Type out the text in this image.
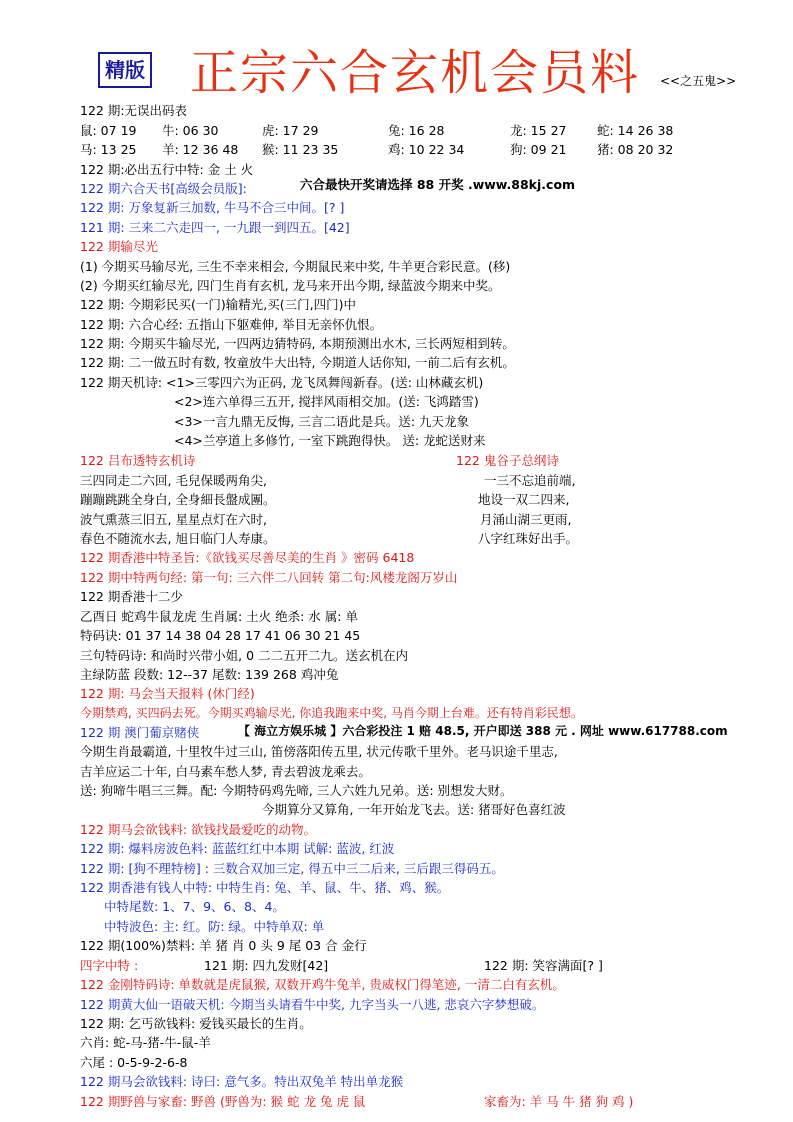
精版 正宗六合玄机会员料 <<之五鬼>>
122 期:无误出码表
鼠: 07 19 牛: 06 30	虎: 17 29	兔: 16 28	龙: 15 27 蛇: 14 26 38
马: 13 25 羊: 12 36 48 猴: 11 23 35	鸡: 10 22 34	狗: 09 21 猪: 08 20 32
122 期:必出五行中特: 金 土 火
122 期六合天书[高级会员版]:	六合最快开奖请选择 88 开奖 .www.88kj.com
122 期: 万象复新三加数, 牛马不合三中间。[? ]
121 期: 三来二六走四一, 一九跟一到四五。[42]
122 期输尽光
(1) 今期买马输尽光, 三生不幸来相会, 今期鼠民来中奖, 牛羊更合彩民意。(移)
(2) 今期买红输尽光, 四门生肖有玄机, 龙马来开出今期, 绿蓝波今期来中奖。
122 期: 今期彩民买(一门)输精光,买(三门,四门)中
122 期: 六合心经: 五指山下躯难伸, 举目无亲怀仇恨。
122 期: 今期买牛输尽光, 一四两边猜特码, 本期预测出水木, 三长两短相到转。
122 期: 二一做五时有数, 牧童放牛大出特, 今期道人话你知, 一前二后有玄机。
122 期天机诗: <1>三零四六为正码, 龙飞凤舞闯新春。(送: 山林藏玄机)
<2>连六单得三五开, 搅拌风雨相交加。(送: 飞鸿踏雪)
<3>一言九鼎无反悔, 三言二语此是兵。送: 九天龙象
<4>兰亭道上多修竹, 一室下跳跑得快。 送: 龙蛇送财来
122 吕布透特玄机诗	122 鬼谷子总纲诗
三四同走二六回, 毛兒保暖两角尖,	一三不忘追前端,
蹦蹦跳跳全身白, 全身細長盤成團。	地设一双二四来,
波气熏蒸三旧五, 星星点灯在六时,	月涌山湖三更雨,
春色不随流水去, 旭日临门人寿康。	八字红珠好出手。
122 期香港中特圣旨:《欲钱买尽善尽美的生肖 》密码 6418
122 期中特两句经: 第一句: 三六伴二八回转 第二句:风楼龙阁万岁山
122 期香港十二少
乙酉日 蛇鸡牛鼠龙虎 生肖属: 土火 绝杀: 水 属: 单
特码诀: 01 37 14 38 04 28 17 41 06 30 21 45
三句特码诗: 和尚时兴带小姐, 0 二二五开二九。送玄机在内
主绿防蓝 段数: 12--37 尾数: 139 268 鸡冲兔
122 期: 马会当天报料 (休门经)
今期禁鸡, 买四码去死。今期买鸡输尽光, 你追我跑来中奖, 马肖今期上台难。还有特肖彩民想。
122 期 澳门葡京赌侠	【 海立方娱乐城 】六合彩投注 1 赔 48.5, 开户即送 388 元 . 网址 www.617788.com
今期生肖最霸道, 十里牧牛过三山, 笛傍落阳传五里, 状元传歌千里外。老马识途千里志,
吉羊应运二十年, 白马素车愁人梦, 青去碧波龙乘去。
送: 狗啼牛唱三三舞。配: 今期特码鸡先啼, 三人六姓九兄弟。送: 别想发大财。
今期算分又算角, 一年开始龙飞去。送: 猪哥好色喜红波
122 期马会欲钱料: 欲钱找最爱吃的动物。
122 期: 爆料房波色料: 蓝蓝红红中本期 试解: 蓝波, 红波
122 期: [狗不理特榜] : 三数合双加三定, 得五中三二后来, 三后跟三得码五。
122 期香港有钱人中特: 中特生肖: 兔、羊、鼠、牛、猪、鸡、猴。
中特尾数: 1、7、9、6、8、4。
中特波色: 主: 红。防: 绿。中特单双: 单
122 期(100%)禁料: 羊 猪 肖 0 头 9 尾 03 合 金行
四字中特 :	121 期: 四九发财[42]	122 期: 笑容满面[? ]
122 金刚特码诗: 单数就是虎鼠猴, 双数开鸡牛兔羊, 贵威权门得笔迹, 一清二白有玄机。
122 期黄大仙一语破天机: 今期当头请看牛中奖, 九字当头一八逃, 悲哀六字梦想破。
122 期: 乞丐欲钱料: 爱钱买最长的生肖。
六肖: 蛇-马-猪-牛-鼠-羊
六尾 : 0-5-9-2-6-8
122 期马会欲钱料: 诗曰: 意气多。特出双兔羊 特出单龙猴
122 期野兽与家畜: 野兽 (野兽为: 猴 蛇 龙 兔 虎 鼠	家畜为: 羊 马 牛 猪 狗 鸡 )
